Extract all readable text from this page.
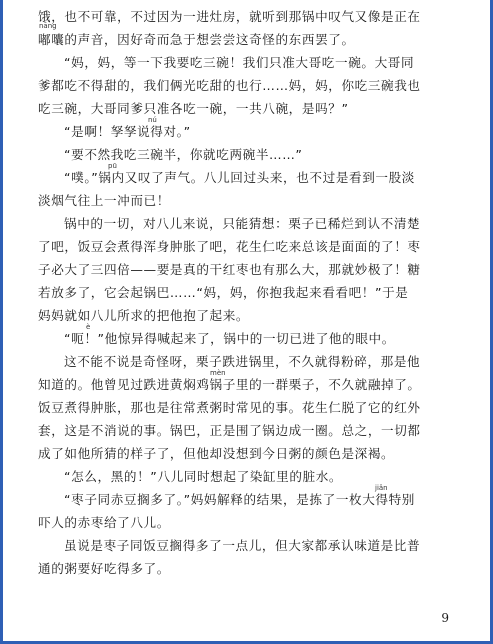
饿，也不可靠，不过因为一进灶房，就听到那锅中叹气又像是正在
嘟囔的声音，因好奇而急于想尝尝这奇怪的东西罢了。
“妈，妈，等一下我要吃三碗！我们只准大哥吃一碗。大哥同
爹都吃不得甜的，我们俩光吃甜的也行……妈，妈，你吃三碗我也
吃三碗，大哥同爹只准各吃一碗，一共八碗，是吗？”
“是啊！孥孥说得对。”
“要不然我吃三碗半，你就吃两碗半……”
“噗。”锅内又叹了声气。八儿回过头来，也不过是看到一股淡
淡烟气往上一冲而已！
锅中的一切，对八儿来说，只能猜想：栗子已稀烂到认不清楚
了吧，饭豆会煮得浑身肿胀了吧，花生仁吃来总该是面面的了！枣
子必大了三四倍——要是真的干红枣也有那么大，那就妙极了！糖
若放多了，它会起锅巴……“妈，妈，你抱我起来看看吧！”于是
妈妈就如八儿所求的把他抱了起来。
“呃！”他惊异得喊起来了，锅中的一切已进了他的眼中。
这不能不说是奇怪呀，栗子跌进锅里，不久就得粉碎，那是他
知道的。他曾见过跌进黄焖鸡锅子里的一群栗子，不久就融掉了。
饭豆煮得肿胀，那也是往常煮粥时常见的事。花生仁脱了它的红外
套，这是不消说的事。锅巴，正是围了锅边成一圈。总之，一切都
成了如他所猜的样子了，但他却没想到今日粥的颜色是深褐。
“怎么，黑的！”八儿同时想起了染缸里的脏水。
“枣子同赤豆搁多了。”妈妈解释的结果，是拣了一枚大得特别
吓人的赤枣给了八儿。
虽说是枣子同饭豆搁得多了一点儿，但大家都承认味道是比普
通的粥要好吃得多了。
nāng
nú
pū
è
mèn
jiǎn
9
